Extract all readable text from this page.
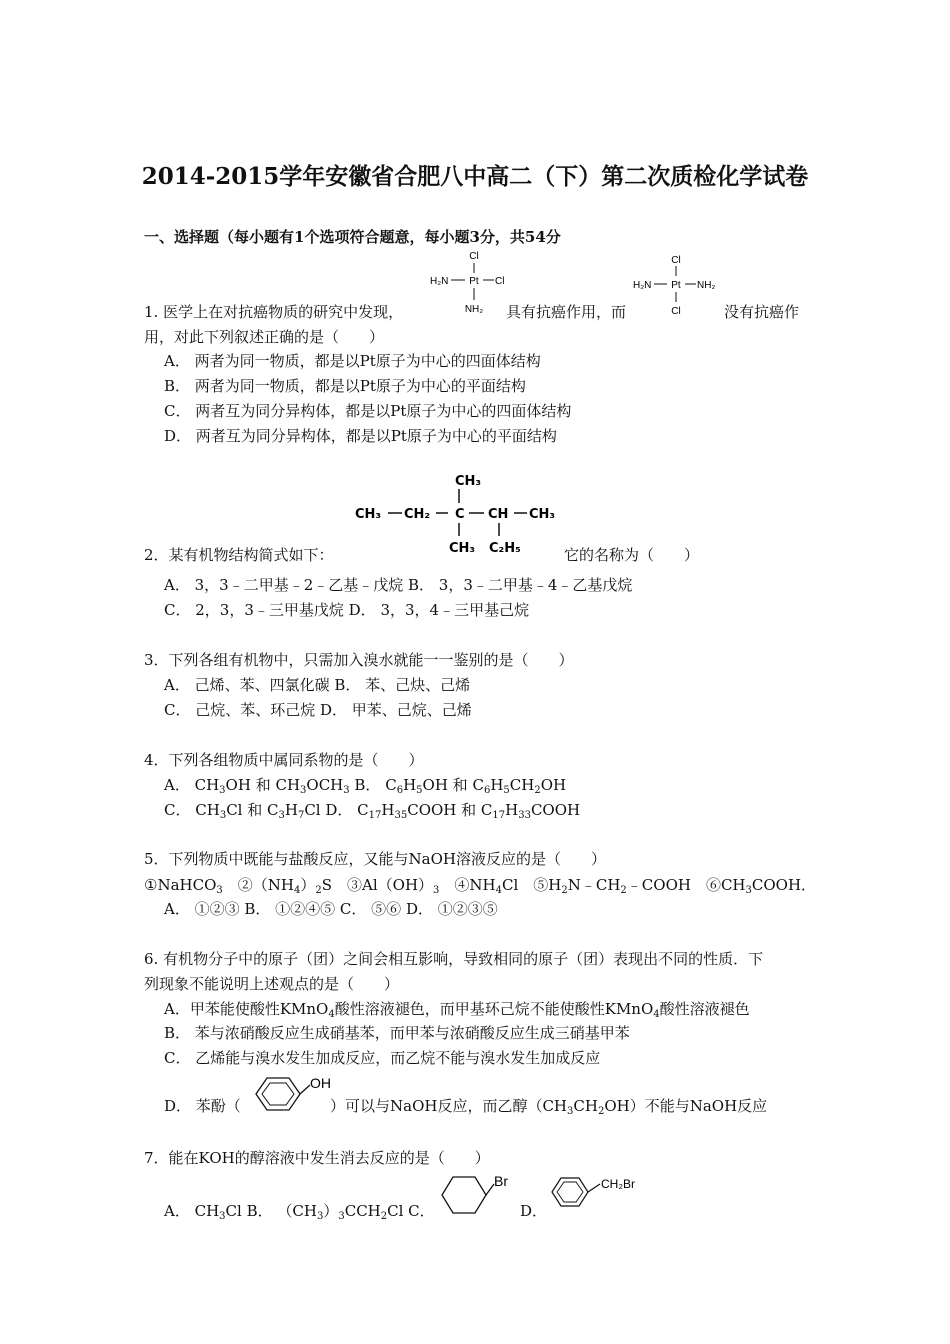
2014-2015学年安徽省合肥八中高二（下）第二次质检化学试卷
一、选择题（每小题有1个选项符合题意，每小题3分，共54分
Cl
H₂N Pt Cl
NH₂
Cl
H₂N Pt NH₂
Cl
1. 医学上在对抗癌物质的研究中发现，	具有抗癌作用，而	没有抗癌作
用，对此下列叙述正确的是（　　）
A． 两者为同一物质，都是以Pt原子为中心的四面体结构
B． 两者为同一物质，都是以Pt原子为中心的平面结构
C． 两者互为同分异构体，都是以Pt原子为中心的四面体结构
D． 两者互为同分异构体，都是以Pt原子为中心的平面结构
CH₃
CH₃ CH₂ C CH CH₃
CH₃ C₂H₅
2．某有机物结构简式如下：	它的名称为（　　）
A． 3，3﹣二甲基﹣2﹣乙基﹣戊烷 B． 3，3﹣二甲基﹣4﹣乙基戊烷
C． 2，3，3﹣三甲基戊烷 D． 3，3，4﹣三甲基己烷
3．下列各组有机物中，只需加入溴水就能一一鉴别的是（　　）
A． 己烯、苯、四氯化碳 B． 苯、己炔、己烯
C． 己烷、苯、环己烷 D． 甲苯、己烷、己烯
4．下列各组物质中属同系物的是（　　）
A． $CH_3OH$ 和 $CH_3OCH_3$ B． $C_6H_5OH$ 和 $C_6H_5CH_2OH$
C． $CH_3Cl$ 和 $C_3H_7Cl$ D． $C_{17}H_{35}COOH$ 和 $C_{17}H_{33}COOH$
5．下列物质中既能与盐酸反应，又能与NaOH溶液反应的是（　　）
①NaHCO$_3$　$②(NH_4)_2S$　$③Al(OH)_3$　$④NH_4Cl$　$⑤H_2N﹣CH_2﹣COOH$　$⑥CH_3COOH$．
A． ①②③ B． ①②④⑤ C． ⑤⑥ D． ①②③⑤
6. 有机物分子中的原子（团）之间会相互影响，导致相同的原子（团）表现出不同的性质．下
列现象不能说明上述观点的是（　　）
A．甲苯能使酸性KMnO$_4$酸性溶液褪色，而甲基环己烷不能使酸性KMnO$_4$酸性溶液褪色
B． 苯与浓硝酸反应生成硝基苯，而甲苯与浓硝酸反应生成三硝基甲苯
C． 乙烯能与溴水发生加成反应，而乙烷不能与溴水发生加成反应
D． 苯酚（
OH
）可以与NaOH反应，而乙醇$(CH_3CH_2OH)$不能与NaOH反应
7．能在KOH的醇溶液中发生消去反应的是（　　）
A． $CH_3Cl$ B． $(CH_3)_3CCH_2Cl$ C．
Br
D．
CH₂Br
